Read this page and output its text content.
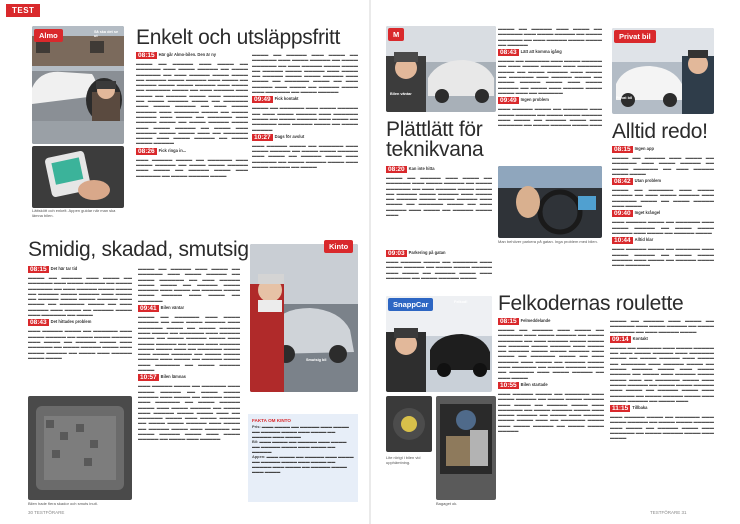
TEST
Almo	Så ska det se ut
Lättskött och enkelt. Appen guidar när man ska lämna bilen.
Enkelt och utsläppsfritt
08:15 Här går Almo-bilen. Den är ny
▬▬▬▬ ▬▬ ▬▬▬▬▬ ▬▬▬ ▬▬▬▬ ▬▬ ▬▬▬▬▬▬ ▬▬▬ ▬▬▬▬ ▬▬▬▬▬ ▬▬ ▬▬▬▬ ▬▬▬▬▬▬ ▬▬ ▬▬▬ ▬▬▬▬▬ ▬▬▬▬ ▬▬▬▬ ▬▬ ▬▬▬▬▬ ▬▬▬▬ ▬▬▬▬▬ ▬▬▬ ▬▬▬▬ ▬▬ ▬▬▬▬▬ ▬▬▬▬ ▬▬▬▬ ▬▬▬▬▬ ▬▬▬ ▬▬▬▬ ▬▬ ▬▬▬▬▬▬ ▬▬▬▬ ▬▬ ▬▬▬ ▬▬▬▬▬ ▬▬▬ ▬▬▬▬ ▬▬ ▬▬▬▬▬ ▬▬▬▬ ▬▬▬ ▬▬▬▬▬▬ ▬▬ ▬▬▬▬ ▬▬▬▬▬ ▬▬▬▬ ▬▬ ▬▬▬▬▬▬ ▬▬▬ ▬▬▬▬ ▬▬▬▬▬ ▬▬ ▬▬▬ ▬▬▬▬ ▬▬▬▬▬ ▬▬▬ ▬▬▬▬▬▬ ▬▬▬▬ ▬▬ ▬▬▬▬ ▬▬▬▬▬ ▬▬▬ ▬▬▬▬ ▬▬ ▬▬▬▬▬▬ ▬▬▬ ▬▬▬▬▬ ▬▬▬▬ ▬▬ ▬▬▬▬ ▬▬▬▬▬ ▬▬▬▬ ▬▬▬ ▬▬▬▬ ▬▬▬▬▬ ▬▬ ▬▬▬▬ ▬▬▬ ▬▬▬▬▬ ▬▬▬▬ ▬▬▬▬ ▬▬▬ ▬▬ ▬▬▬▬▬▬ ▬▬▬▬ ▬▬▬ ▬▬▬▬ ▬▬▬▬▬ ▬▬ ▬▬▬▬ ▬▬▬▬ ▬▬▬▬▬
08:26 Fick ringa in...
▬▬▬ ▬▬▬▬▬ ▬▬▬▬ ▬▬ ▬▬▬▬▬▬ ▬▬▬ ▬▬▬▬ ▬▬▬▬▬ ▬▬ ▬▬▬▬ ▬▬▬▬ ▬▬▬▬▬ ▬▬▬ ▬▬▬▬ ▬▬ ▬▬▬▬▬ ▬▬▬▬ ▬▬▬ ▬▬▬▬▬▬ ▬▬ ▬▬▬▬ ▬▬▬▬▬ ▬▬▬▬
▬▬▬▬ ▬▬ ▬▬▬▬▬ ▬▬▬ ▬▬▬▬ ▬▬ ▬▬▬▬▬▬ ▬▬▬ ▬▬▬▬ ▬▬▬▬▬ ▬▬ ▬▬▬▬ ▬▬▬▬▬▬ ▬▬ ▬▬▬ ▬▬▬▬▬ ▬▬▬▬ ▬▬▬▬ ▬▬ ▬▬▬▬▬ ▬▬▬▬ ▬▬▬▬▬ ▬▬▬ ▬▬▬▬ ▬▬ ▬▬▬▬▬ ▬▬▬▬ ▬▬▬▬ ▬▬▬▬▬ ▬▬▬ ▬▬▬▬ ▬▬ ▬▬▬▬▬▬ ▬▬▬▬ ▬▬ ▬▬▬ ▬▬▬▬▬ ▬▬▬ ▬▬▬▬ ▬▬ ▬▬▬▬▬ ▬▬▬▬ ▬▬▬ ▬▬▬▬▬▬ ▬▬ ▬▬▬▬ ▬▬▬▬▬
09:49 Fick kontakt
▬▬▬▬ ▬▬ ▬▬▬▬▬▬ ▬▬▬ ▬▬▬▬ ▬▬▬▬▬ ▬▬ ▬▬▬ ▬▬▬▬ ▬▬▬▬▬ ▬▬▬ ▬▬▬▬▬▬ ▬▬▬▬ ▬▬ ▬▬▬▬ ▬▬▬▬▬ ▬▬▬ ▬▬▬▬ ▬▬ ▬▬▬▬▬▬ ▬▬▬ ▬▬▬▬▬ ▬▬▬▬ ▬▬ ▬▬▬▬ ▬▬▬▬▬
10:27 Dags för avslut
▬▬▬ ▬▬▬▬▬ ▬▬▬▬ ▬▬ ▬▬▬▬▬▬ ▬▬▬ ▬▬▬▬ ▬▬▬▬▬ ▬▬ ▬▬▬▬ ▬▬▬▬ ▬▬▬▬▬ ▬▬▬ ▬▬▬▬ ▬▬ ▬▬▬▬▬ ▬▬▬▬ ▬▬▬ ▬▬▬▬▬▬ ▬▬ ▬▬▬▬ ▬▬▬▬▬ ▬▬▬▬ ▬▬▬ ▬▬▬▬ ▬▬▬▬▬ ▬▬ ▬▬▬▬
Smidig, skadad, smutsig
08:15 Det här tar tid
▬▬▬▬ ▬▬ ▬▬▬▬▬ ▬▬▬ ▬▬▬▬ ▬▬ ▬▬▬▬▬▬ ▬▬▬ ▬▬▬▬ ▬▬▬▬▬ ▬▬ ▬▬▬▬ ▬▬▬▬▬▬ ▬▬ ▬▬▬ ▬▬▬▬▬ ▬▬▬▬ ▬▬▬▬ ▬▬ ▬▬▬▬▬ ▬▬▬▬ ▬▬▬▬▬ ▬▬▬ ▬▬▬▬ ▬▬ ▬▬▬▬▬ ▬▬▬▬ ▬▬▬▬ ▬▬▬▬▬ ▬▬▬ ▬▬▬▬ ▬▬ ▬▬▬▬▬▬ ▬▬▬▬ ▬▬ ▬▬▬ ▬▬▬▬▬ ▬▬▬ ▬▬▬▬ ▬▬ ▬▬▬▬▬ ▬▬▬▬ ▬▬▬ ▬▬▬▬▬▬ ▬▬ ▬▬▬▬
08:43 Det hittades problem
▬▬▬ ▬▬▬▬▬ ▬▬▬▬ ▬▬ ▬▬▬▬▬▬ ▬▬▬ ▬▬▬▬ ▬▬▬▬▬ ▬▬ ▬▬▬▬ ▬▬▬▬ ▬▬▬▬▬ ▬▬▬ ▬▬▬▬ ▬▬ ▬▬▬▬▬ ▬▬▬▬ ▬▬▬ ▬▬▬▬▬▬ ▬▬ ▬▬▬▬ ▬▬▬▬▬ ▬▬▬▬ ▬▬▬ ▬▬▬▬ ▬▬▬▬▬ ▬▬ ▬▬▬▬ ▬▬▬ ▬▬▬▬▬ ▬▬▬▬ ▬▬▬▬
Bilen hade flera skador och smuts inuti.
▬▬▬▬ ▬▬ ▬▬▬▬▬ ▬▬▬ ▬▬▬▬ ▬▬ ▬▬▬▬▬▬ ▬▬▬ ▬▬▬▬ ▬▬▬▬▬ ▬▬ ▬▬▬▬ ▬▬▬▬▬▬ ▬▬ ▬▬▬ ▬▬▬▬▬ ▬▬▬▬ ▬▬▬▬ ▬▬ ▬▬▬▬▬ ▬▬▬▬ ▬▬▬▬▬ ▬▬▬ ▬▬▬▬ ▬▬ ▬▬▬▬▬ ▬▬▬▬ ▬▬▬▬ ▬▬▬▬▬ ▬▬▬ ▬▬▬▬ ▬▬ ▬▬▬▬▬▬
09:41 Bilen väntar
▬▬▬▬ ▬▬ ▬▬▬▬▬▬ ▬▬▬ ▬▬▬▬ ▬▬▬▬▬ ▬▬ ▬▬▬ ▬▬▬▬ ▬▬▬▬▬ ▬▬▬ ▬▬▬▬▬▬ ▬▬▬▬ ▬▬ ▬▬▬▬ ▬▬▬▬▬ ▬▬▬ ▬▬▬▬ ▬▬ ▬▬▬▬▬▬ ▬▬▬ ▬▬▬▬▬ ▬▬▬▬ ▬▬ ▬▬▬▬ ▬▬▬▬▬ ▬▬▬▬ ▬▬▬ ▬▬▬▬ ▬▬▬▬▬ ▬▬ ▬▬▬▬ ▬▬▬ ▬▬▬▬▬ ▬▬▬▬ ▬▬▬▬ ▬▬▬ ▬▬ ▬▬▬▬▬▬ ▬▬▬▬ ▬▬▬ ▬▬▬▬ ▬▬▬▬▬ ▬▬ ▬▬▬▬ ▬▬▬▬ ▬▬▬▬▬ ▬▬▬ ▬▬▬▬ ▬▬ ▬▬▬▬▬ ▬▬▬▬ ▬▬▬ ▬▬▬▬▬▬ ▬▬ ▬▬▬▬ ▬▬▬▬▬ ▬▬▬▬
10:57 Bilen lämnas
▬▬▬ ▬▬▬▬▬ ▬▬▬▬ ▬▬ ▬▬▬▬▬▬ ▬▬▬ ▬▬▬▬ ▬▬▬▬▬ ▬▬ ▬▬▬▬ ▬▬▬▬ ▬▬▬▬▬ ▬▬▬ ▬▬▬▬ ▬▬ ▬▬▬▬▬ ▬▬▬▬ ▬▬▬ ▬▬▬▬▬▬ ▬▬ ▬▬▬▬ ▬▬▬▬▬ ▬▬▬▬ ▬▬▬ ▬▬▬▬ ▬▬▬▬▬ ▬▬ ▬▬▬▬ ▬▬▬ ▬▬▬▬▬ ▬▬▬▬ ▬▬▬▬ ▬▬▬ ▬▬ ▬▬▬▬▬▬ ▬▬▬▬ ▬▬▬ ▬▬▬▬ ▬▬▬▬▬ ▬▬ ▬▬▬▬ ▬▬▬▬ ▬▬▬▬▬ ▬▬▬ ▬▬▬▬ ▬▬ ▬▬▬▬▬ ▬▬▬▬ ▬▬▬ ▬▬▬▬▬▬ ▬▬ ▬▬▬▬ ▬▬▬▬▬ ▬▬▬▬ ▬▬▬ ▬▬▬▬ ▬▬▬▬▬ ▬▬ ▬▬▬▬ ▬▬▬ ▬▬▬▬▬
Kinto
Smutsig bil
FAKTA OM KINTO
Pris: ▬▬▬ ▬▬▬▬ ▬▬ ▬▬▬▬▬ ▬▬▬ ▬▬▬▬ ▬▬ ▬▬▬▬▬ ▬▬▬▬ ▬▬▬ ▬▬▬▬ ▬▬ ▬▬▬▬▬ ▬▬▬ ▬▬▬▬
Bil: ▬▬▬ ▬▬▬▬ ▬▬ ▬▬▬▬▬ ▬▬▬ ▬▬▬▬ ▬▬ ▬▬▬▬▬ ▬▬▬▬ ▬▬▬ ▬▬▬▬ ▬▬ ▬▬▬▬▬
Appen: ▬▬▬ ▬▬▬▬ ▬▬ ▬▬▬▬▬ ▬▬▬ ▬▬▬▬ ▬▬ ▬▬▬▬▬ ▬▬▬▬ ▬▬▬ ▬▬▬▬ ▬▬ ▬▬▬▬▬ ▬▬▬ ▬▬▬▬ ▬▬ ▬▬▬▬▬ ▬▬▬▬ ▬▬▬ ▬▬▬▬
30 TESTFÖRARE
M
Bilen väntar
Plättlätt för
teknikvana
08:20 Kan inte hitta
▬▬▬▬ ▬▬ ▬▬▬▬▬ ▬▬▬ ▬▬▬▬ ▬▬ ▬▬▬▬▬▬ ▬▬▬ ▬▬▬▬ ▬▬▬▬▬ ▬▬ ▬▬▬▬ ▬▬▬▬▬▬ ▬▬ ▬▬▬ ▬▬▬▬▬ ▬▬▬▬ ▬▬▬▬ ▬▬ ▬▬▬▬▬ ▬▬▬▬ ▬▬▬▬▬ ▬▬▬ ▬▬▬▬ ▬▬ ▬▬▬▬▬ ▬▬▬▬ ▬▬▬▬ ▬▬▬▬▬ ▬▬▬ ▬▬▬▬ ▬▬ ▬▬▬▬▬▬ ▬▬▬▬ ▬▬ ▬▬▬ ▬▬▬▬▬ ▬▬▬ ▬▬▬▬ ▬▬ ▬▬▬▬▬ ▬▬▬▬ ▬▬▬
09:03 Parkering på gatan
▬▬▬ ▬▬▬▬▬ ▬▬▬▬ ▬▬ ▬▬▬▬▬▬ ▬▬▬ ▬▬▬▬ ▬▬▬▬▬ ▬▬ ▬▬▬▬ ▬▬▬▬ ▬▬▬▬▬ ▬▬▬ ▬▬▬▬ ▬▬ ▬▬▬▬▬ ▬▬▬▬ ▬▬▬ ▬▬▬▬▬▬ ▬▬ ▬▬▬▬ ▬▬▬▬▬ ▬▬▬▬
▬▬▬▬ ▬▬ ▬▬▬▬▬ ▬▬▬ ▬▬▬▬ ▬▬ ▬▬▬▬▬▬ ▬▬▬ ▬▬▬▬ ▬▬▬▬▬ ▬▬ ▬▬▬▬ ▬▬▬▬▬▬ ▬▬ ▬▬▬ ▬▬▬▬▬ ▬▬▬▬ ▬▬▬▬ ▬▬ ▬▬▬▬▬
08:43 Lätt att komma igång
▬▬▬▬ ▬▬ ▬▬▬▬▬▬ ▬▬▬ ▬▬▬▬ ▬▬▬▬▬ ▬▬ ▬▬▬ ▬▬▬▬ ▬▬▬▬▬ ▬▬▬ ▬▬▬▬▬▬ ▬▬▬▬ ▬▬ ▬▬▬▬ ▬▬▬▬▬ ▬▬▬ ▬▬▬▬ ▬▬ ▬▬▬▬▬▬ ▬▬▬ ▬▬▬▬▬ ▬▬▬▬ ▬▬ ▬▬▬▬ ▬▬▬▬▬ ▬▬▬▬ ▬▬▬ ▬▬▬▬ ▬▬▬▬▬ ▬▬ ▬▬▬▬ ▬▬▬ ▬▬▬▬▬ ▬▬▬▬ ▬▬▬▬ ▬▬▬ ▬▬ ▬▬▬▬▬▬
09:49 Ingen problem
▬▬▬ ▬▬▬▬▬ ▬▬▬▬ ▬▬ ▬▬▬▬▬▬ ▬▬▬ ▬▬▬▬ ▬▬▬▬▬ ▬▬ ▬▬▬▬ ▬▬▬▬ ▬▬▬▬▬ ▬▬▬ ▬▬▬▬ ▬▬ ▬▬▬▬▬ ▬▬▬▬ ▬▬▬ ▬▬▬▬▬▬ ▬▬ ▬▬▬▬ ▬▬▬▬▬ ▬▬▬▬ ▬▬▬
Man behöver parkera på gatan. Inga problem med bilen.
Privat bil
Privat bil
Alltid redo!
08:15 Ingen app
▬▬▬▬ ▬▬ ▬▬▬▬▬ ▬▬▬ ▬▬▬▬ ▬▬ ▬▬▬▬▬▬ ▬▬▬ ▬▬▬▬ ▬▬▬▬▬ ▬▬ ▬▬▬▬ ▬▬▬▬▬▬ ▬▬ ▬▬▬ ▬▬▬▬▬ ▬▬▬▬ ▬▬▬▬
08:42 Utan problem
▬▬▬▬ ▬▬ ▬▬▬▬▬▬ ▬▬▬ ▬▬▬▬ ▬▬▬▬▬ ▬▬ ▬▬▬ ▬▬▬▬ ▬▬▬▬▬ ▬▬▬ ▬▬▬▬▬▬ ▬▬▬▬ ▬▬ ▬▬▬▬ ▬▬▬▬▬ ▬▬▬ ▬▬▬▬
09:40 Inget krångel
▬▬▬ ▬▬▬▬▬ ▬▬▬▬ ▬▬ ▬▬▬▬▬▬ ▬▬▬ ▬▬▬▬ ▬▬▬▬▬ ▬▬ ▬▬▬▬ ▬▬▬▬ ▬▬▬▬▬ ▬▬▬ ▬▬▬▬ ▬▬ ▬▬▬▬▬ ▬▬▬▬
10:44 Alltid klar
▬▬▬ ▬▬▬▬▬ ▬▬▬▬ ▬▬ ▬▬▬▬▬▬ ▬▬▬ ▬▬▬▬ ▬▬▬▬▬ ▬▬ ▬▬▬▬ ▬▬▬▬ ▬▬▬▬▬ ▬▬▬ ▬▬▬▬ ▬▬ ▬▬▬▬▬ ▬▬▬▬ ▬▬▬ ▬▬▬▬▬▬
SnappCar	Felkod!
Lite rörigt i bilen vid upphämtning.
Bagaget ok.
Felkodernas roulette
08:15 Felmeddelande
▬▬▬▬ ▬▬ ▬▬▬▬▬ ▬▬▬ ▬▬▬▬ ▬▬ ▬▬▬▬▬▬ ▬▬▬ ▬▬▬▬ ▬▬▬▬▬ ▬▬ ▬▬▬▬ ▬▬▬▬▬▬ ▬▬ ▬▬▬ ▬▬▬▬▬ ▬▬▬▬ ▬▬▬▬ ▬▬ ▬▬▬▬▬ ▬▬▬▬ ▬▬▬▬▬ ▬▬▬ ▬▬▬▬ ▬▬ ▬▬▬▬▬ ▬▬▬▬ ▬▬▬▬ ▬▬▬▬▬ ▬▬▬ ▬▬▬▬ ▬▬ ▬▬▬▬▬▬ ▬▬▬▬ ▬▬ ▬▬▬ ▬▬▬▬▬ ▬▬▬ ▬▬▬▬ ▬▬ ▬▬▬▬▬ ▬▬▬▬ ▬▬▬ ▬▬▬▬▬▬ ▬▬ ▬▬▬▬ ▬▬▬▬▬ ▬▬▬▬ ▬▬ ▬▬▬▬▬▬ ▬▬▬ ▬▬▬▬ ▬▬▬▬▬ ▬▬ ▬▬▬ ▬▬▬▬
10:55 Bilen startade
▬▬▬ ▬▬▬▬▬ ▬▬▬▬ ▬▬ ▬▬▬▬▬▬ ▬▬▬ ▬▬▬▬ ▬▬▬▬▬ ▬▬ ▬▬▬▬ ▬▬▬▬ ▬▬▬▬▬ ▬▬▬ ▬▬▬▬ ▬▬ ▬▬▬▬▬ ▬▬▬▬ ▬▬▬ ▬▬▬▬▬▬ ▬▬ ▬▬▬▬ ▬▬▬▬▬ ▬▬▬▬ ▬▬▬ ▬▬▬▬ ▬▬▬▬▬ ▬▬ ▬▬▬▬ ▬▬▬ ▬▬▬▬▬ ▬▬▬▬ ▬▬▬▬ ▬▬▬ ▬▬ ▬▬▬▬▬▬ ▬▬▬▬ ▬▬▬ ▬▬▬▬ ▬▬▬▬▬ ▬▬ ▬▬▬▬ ▬▬▬▬ ▬▬▬▬▬
▬▬▬▬ ▬▬ ▬▬▬▬▬ ▬▬▬ ▬▬▬▬ ▬▬ ▬▬▬▬▬▬ ▬▬▬ ▬▬▬▬ ▬▬▬▬▬ ▬▬ ▬▬▬▬ ▬▬▬▬▬▬ ▬▬ ▬▬▬ ▬▬▬▬▬ ▬▬▬▬
09:14 Kontakt
▬▬▬▬ ▬▬ ▬▬▬▬▬▬ ▬▬▬ ▬▬▬▬ ▬▬▬▬▬ ▬▬ ▬▬▬ ▬▬▬▬ ▬▬▬▬▬ ▬▬▬ ▬▬▬▬▬▬ ▬▬▬▬ ▬▬ ▬▬▬▬ ▬▬▬▬▬ ▬▬▬ ▬▬▬▬ ▬▬ ▬▬▬▬▬▬ ▬▬▬ ▬▬▬▬▬ ▬▬▬▬ ▬▬ ▬▬▬▬ ▬▬▬▬▬ ▬▬▬▬ ▬▬▬ ▬▬▬▬ ▬▬▬▬▬ ▬▬ ▬▬▬▬ ▬▬▬ ▬▬▬▬▬ ▬▬▬▬ ▬▬▬▬ ▬▬▬ ▬▬ ▬▬▬▬▬▬ ▬▬▬▬ ▬▬▬ ▬▬▬▬ ▬▬▬▬▬ ▬▬ ▬▬▬▬ ▬▬▬▬ ▬▬▬▬▬ ▬▬▬ ▬▬▬▬ ▬▬ ▬▬▬▬▬ ▬▬▬▬ ▬▬▬ ▬▬▬▬▬▬ ▬▬ ▬▬▬▬ ▬▬▬▬▬ ▬▬▬▬ ▬▬▬ ▬▬▬▬ ▬▬▬▬▬ ▬▬ ▬▬▬▬ ▬▬▬
11:15 Tillbaka
▬▬▬ ▬▬▬▬▬ ▬▬▬▬ ▬▬ ▬▬▬▬▬▬ ▬▬▬ ▬▬▬▬ ▬▬▬▬▬ ▬▬ ▬▬▬▬ ▬▬▬▬ ▬▬▬▬▬ ▬▬▬ ▬▬▬▬ ▬▬ ▬▬▬▬▬ ▬▬▬▬ ▬▬▬ ▬▬▬▬▬▬ ▬▬ ▬▬▬▬ ▬▬▬▬▬ ▬▬▬▬ ▬▬▬ ▬▬▬▬
TESTFÖRARE 31
